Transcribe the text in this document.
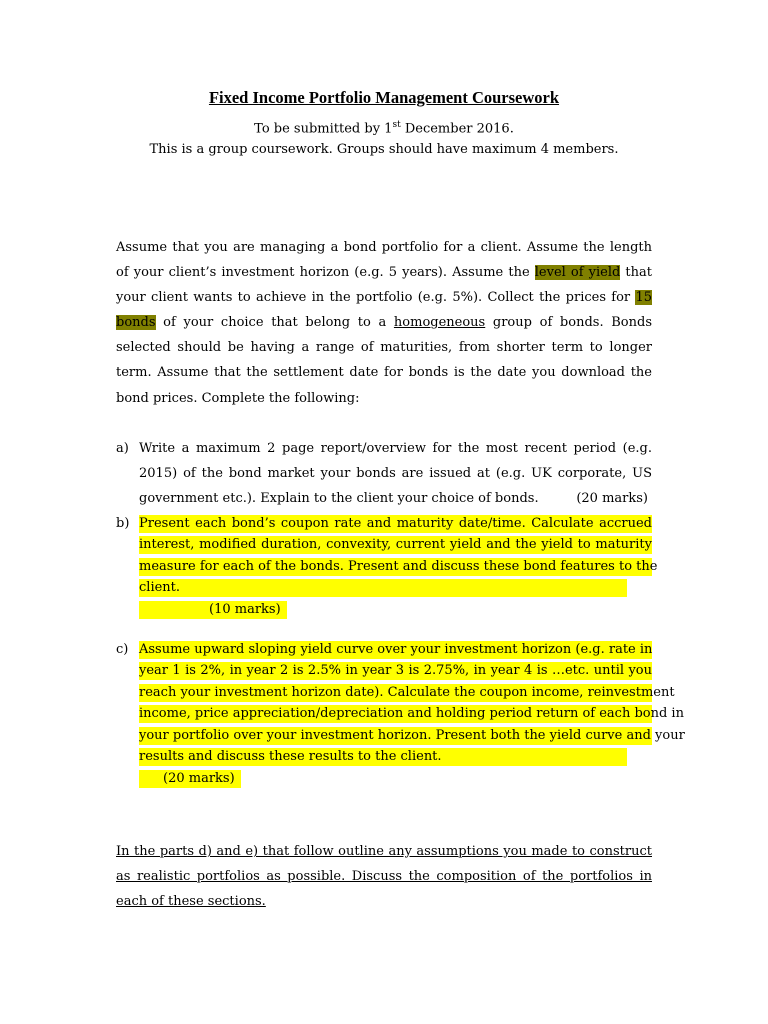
Fixed Income Portfolio Management Coursework
To be submitted by 1st December 2016.
This is a group coursework. Groups should have maximum 4 members.
Assume that you are managing a bond portfolio for a client. Assume the length of your client’s investment horizon (e.g. 5 years). Assume the level of yield that your client wants to achieve in the portfolio (e.g. 5%). Collect the prices for 15 bonds of your choice that belong to a homogeneous group of bonds. Bonds selected should be having a range of maturities, from shorter term to longer term. Assume that the settlement date for bonds is the date you download the bond prices. Complete the following:
a) Write a maximum 2 page report/overview for the most recent period (e.g. 2015) of the bond market your bonds are issued at (e.g. UK corporate, US government etc.). Explain to the client your choice of bonds.	(20 marks)
b) Present each bond’s coupon rate and maturity date/time. Calculate accrued
interest, modified duration, convexity, current yield and the yield to maturity
measure for each of the bonds. Present and discuss these bond features to the
client.
(10 marks)
c) Assume upward sloping yield curve over your investment horizon (e.g. rate in
year 1 is 2%, in year 2 is 2.5% in year 3 is 2.75%, in year 4 is …etc. until you
reach your investment horizon date). Calculate the coupon income, reinvestment
income, price appreciation/depreciation and holding period return of each bond in
your portfolio over your investment horizon. Present both the yield curve and your
results and discuss these results to the client.
(20 marks)
In the parts d) and e) that follow outline any assumptions you made to construct as realistic portfolios as possible. Discuss the composition of the portfolios in each of these sections.
